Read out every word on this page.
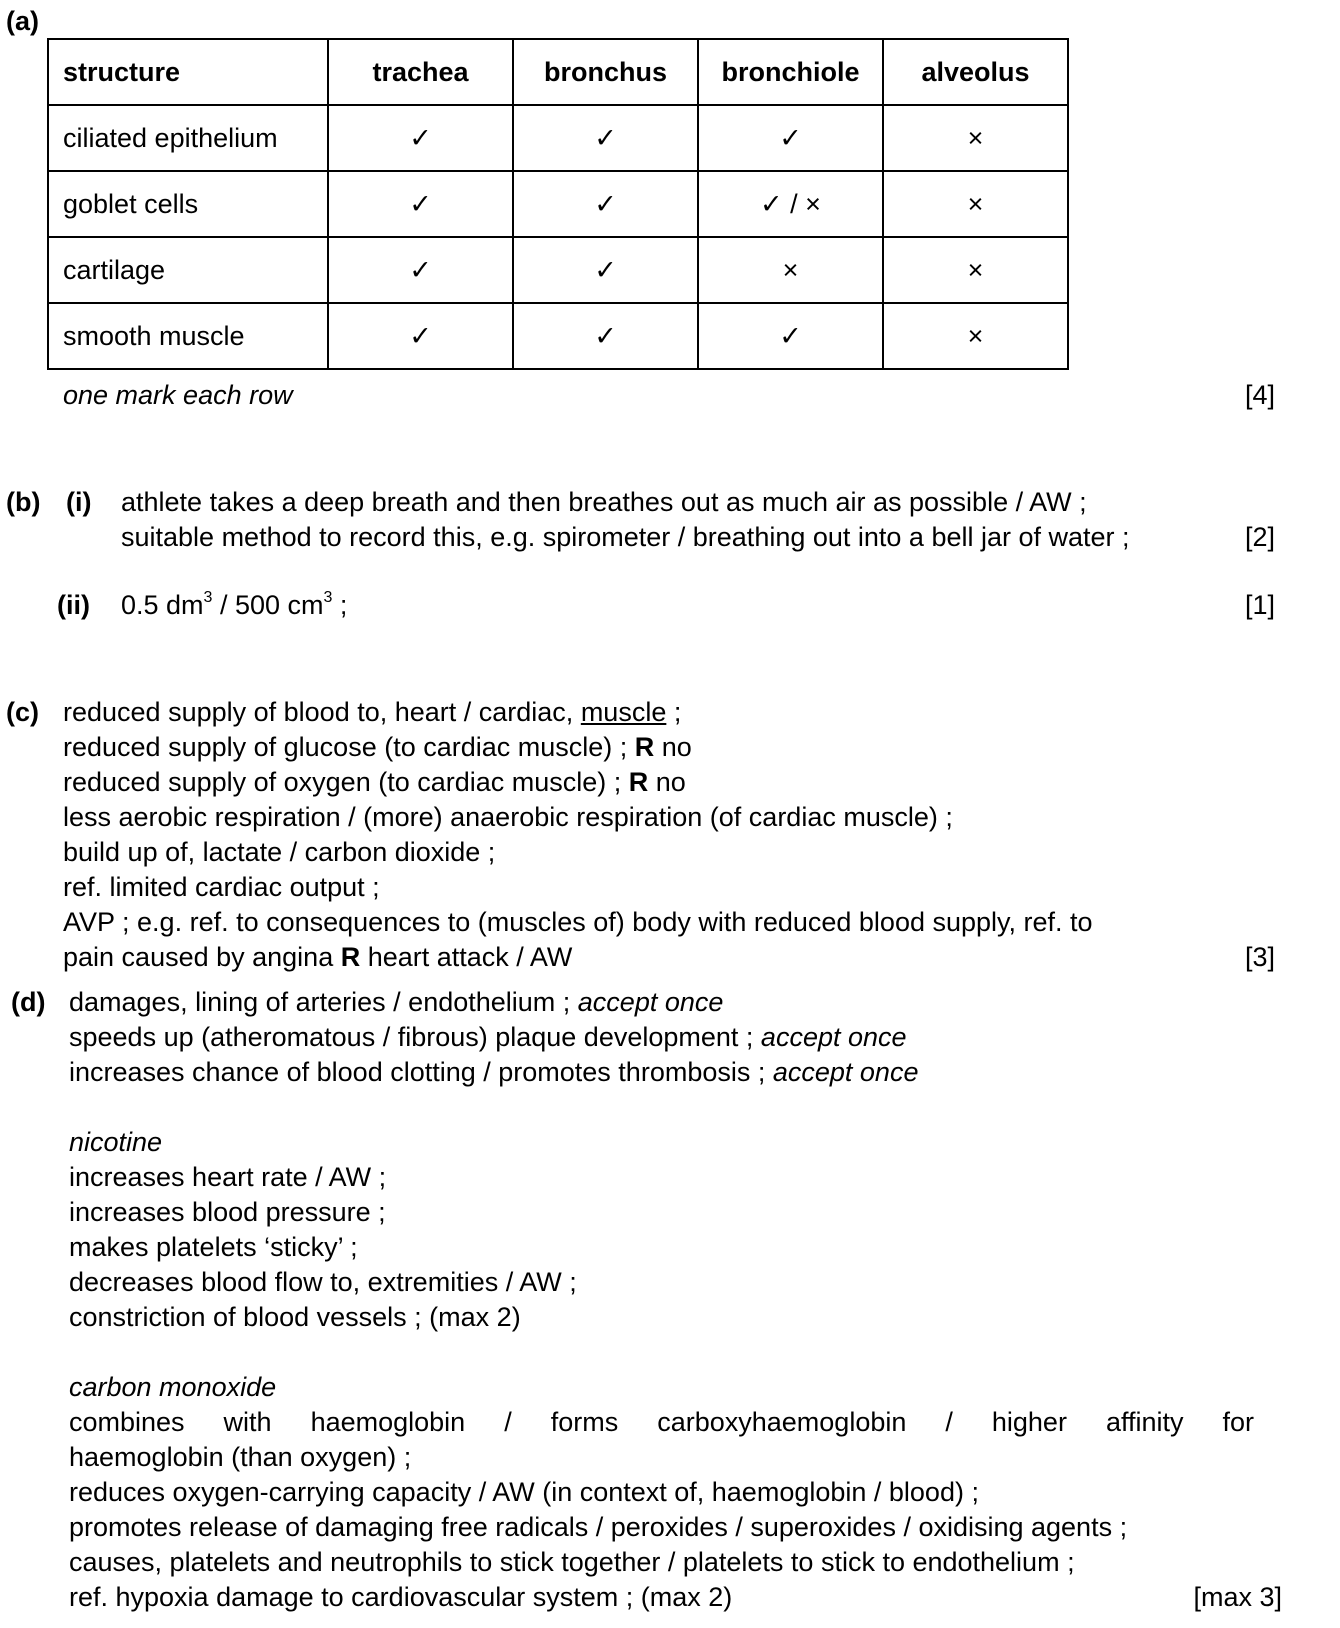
(a)
structure	trachea	bronchus	bronchiole	alveolus
ciliated epithelium	✓	✓	✓	×
goblet cells	✓	✓	✓ / ×	×
cartilage	✓	✓	×	×
smooth muscle	✓	✓	✓	×
one mark each row	[4]
(b) (i) athlete takes a deep breath and then breathes out as much air as possible / AW ;
suitable method to record this, e.g. spirometer / breathing out into a bell jar of water ;	[2]
(ii) 0.5 $dm^3 / 500$ $cm^3$ ;	[1]
(c) reduced supply of blood to, heart / cardiac, muscle ;
reduced supply of glucose (to cardiac muscle) ; R no
reduced supply of oxygen (to cardiac muscle) ; R no
less aerobic respiration / (more) anaerobic respiration (of cardiac muscle) ;
build up of, lactate / carbon dioxide ;
ref. limited cardiac output ;
AVP ; e.g. ref. to consequences to (muscles of) body with reduced blood supply, ref. to
pain caused by angina R heart attack / AW	[3]
(d) damages, lining of arteries / endothelium ; accept once
speeds up (atheromatous / fibrous) plaque development ; accept once
increases chance of blood clotting / promotes thrombosis ; accept once
nicotine
increases heart rate / AW ;
increases blood pressure ;
makes platelets ‘sticky’ ;
decreases blood flow to, extremities / AW ;
constriction of blood vessels ; (max 2)
carbon monoxide
combines with haemoglobin / forms carboxyhaemoglobin / higher affinity for
haemoglobin (than oxygen) ;
reduces oxygen-carrying capacity / AW (in context of, haemoglobin / blood) ;
promotes release of damaging free radicals / peroxides / superoxides / oxidising agents ;
causes, platelets and neutrophils to stick together / platelets to stick to endothelium ;
ref. hypoxia damage to cardiovascular system ; (max 2)	[max 3]
